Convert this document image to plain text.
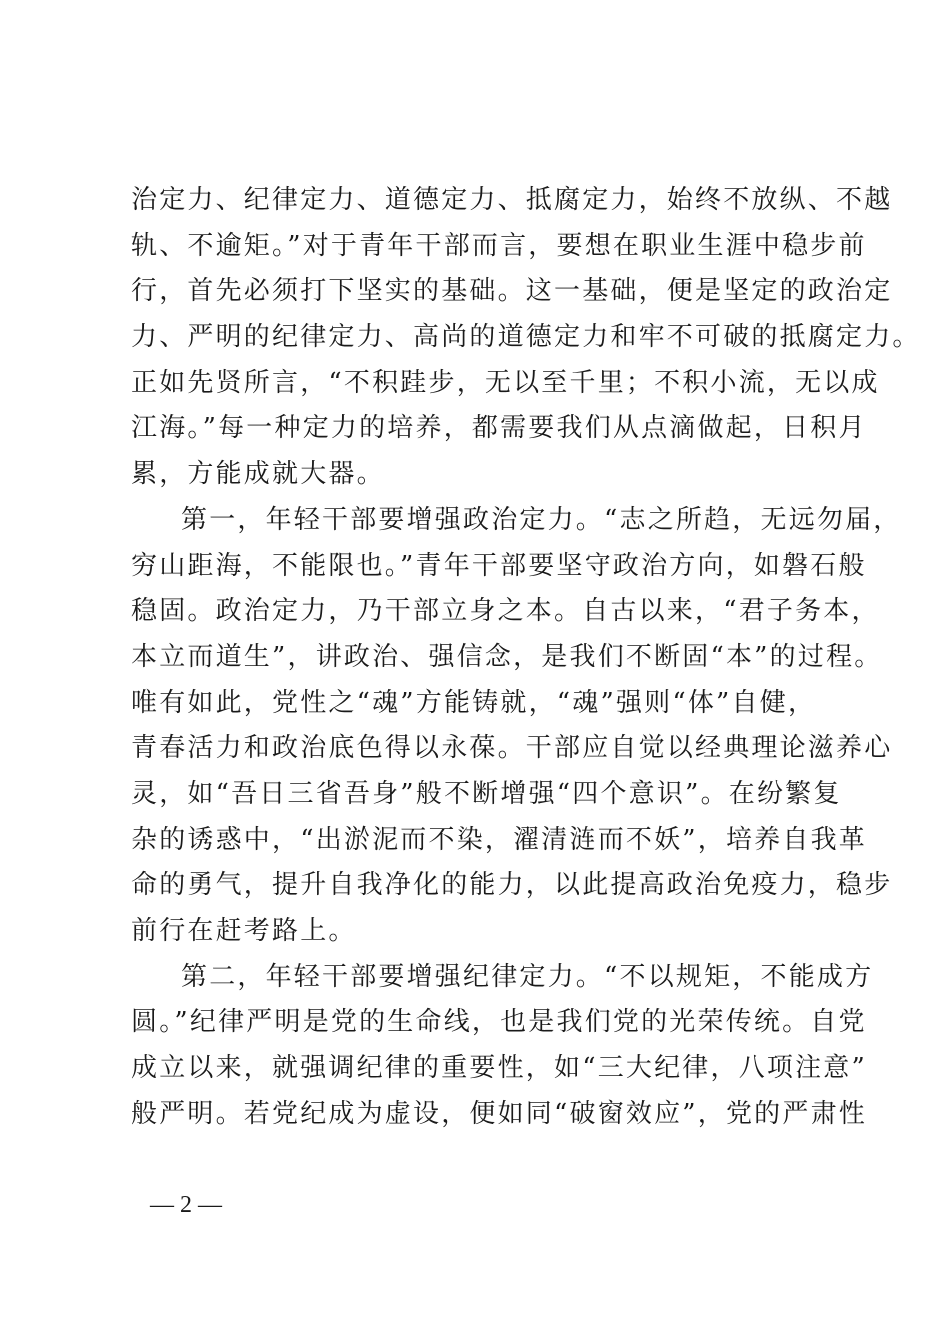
治定力、纪律定力、道德定力、抵腐定力，始终不放纵、不越
轨、不逾矩。”对于青年干部而言，要想在职业生涯中稳步前
行，首先必须打下坚实的基础。这一基础，便是坚定的政治定
力、严明的纪律定力、高尚的道德定力和牢不可破的抵腐定力。
正如先贤所言，“不积跬步，无以至千里；不积小流，无以成
江海。”每一种定力的培养，都需要我们从点滴做起，日积月
累，方能成就大器。
第一，年轻干部要增强政治定力。“志之所趋，无远勿届，
穷山距海，不能限也。”青年干部要坚守政治方向，如磐石般
稳固。政治定力，乃干部立身之本。自古以来，“君子务本，
本立而道生”，讲政治、强信念，是我们不断固“本”的过程。
唯有如此，党性之“魂”方能铸就，“魂”强则“体”自健，
青春活力和政治底色得以永葆。干部应自觉以经典理论滋养心
灵，如“吾日三省吾身”般不断增强“四个意识”。在纷繁复
杂的诱惑中，“出淤泥而不染，濯清涟而不妖”，培养自我革
命的勇气，提升自我净化的能力，以此提高政治免疫力，稳步
前行在赶考路上。
第二，年轻干部要增强纪律定力。“不以规矩，不能成方
圆。”纪律严明是党的生命线，也是我们党的光荣传统。自党
成立以来，就强调纪律的重要性，如“三大纪律，八项注意”
般严明。若党纪成为虚设，便如同“破窗效应”，党的严肃性
— 2 —
